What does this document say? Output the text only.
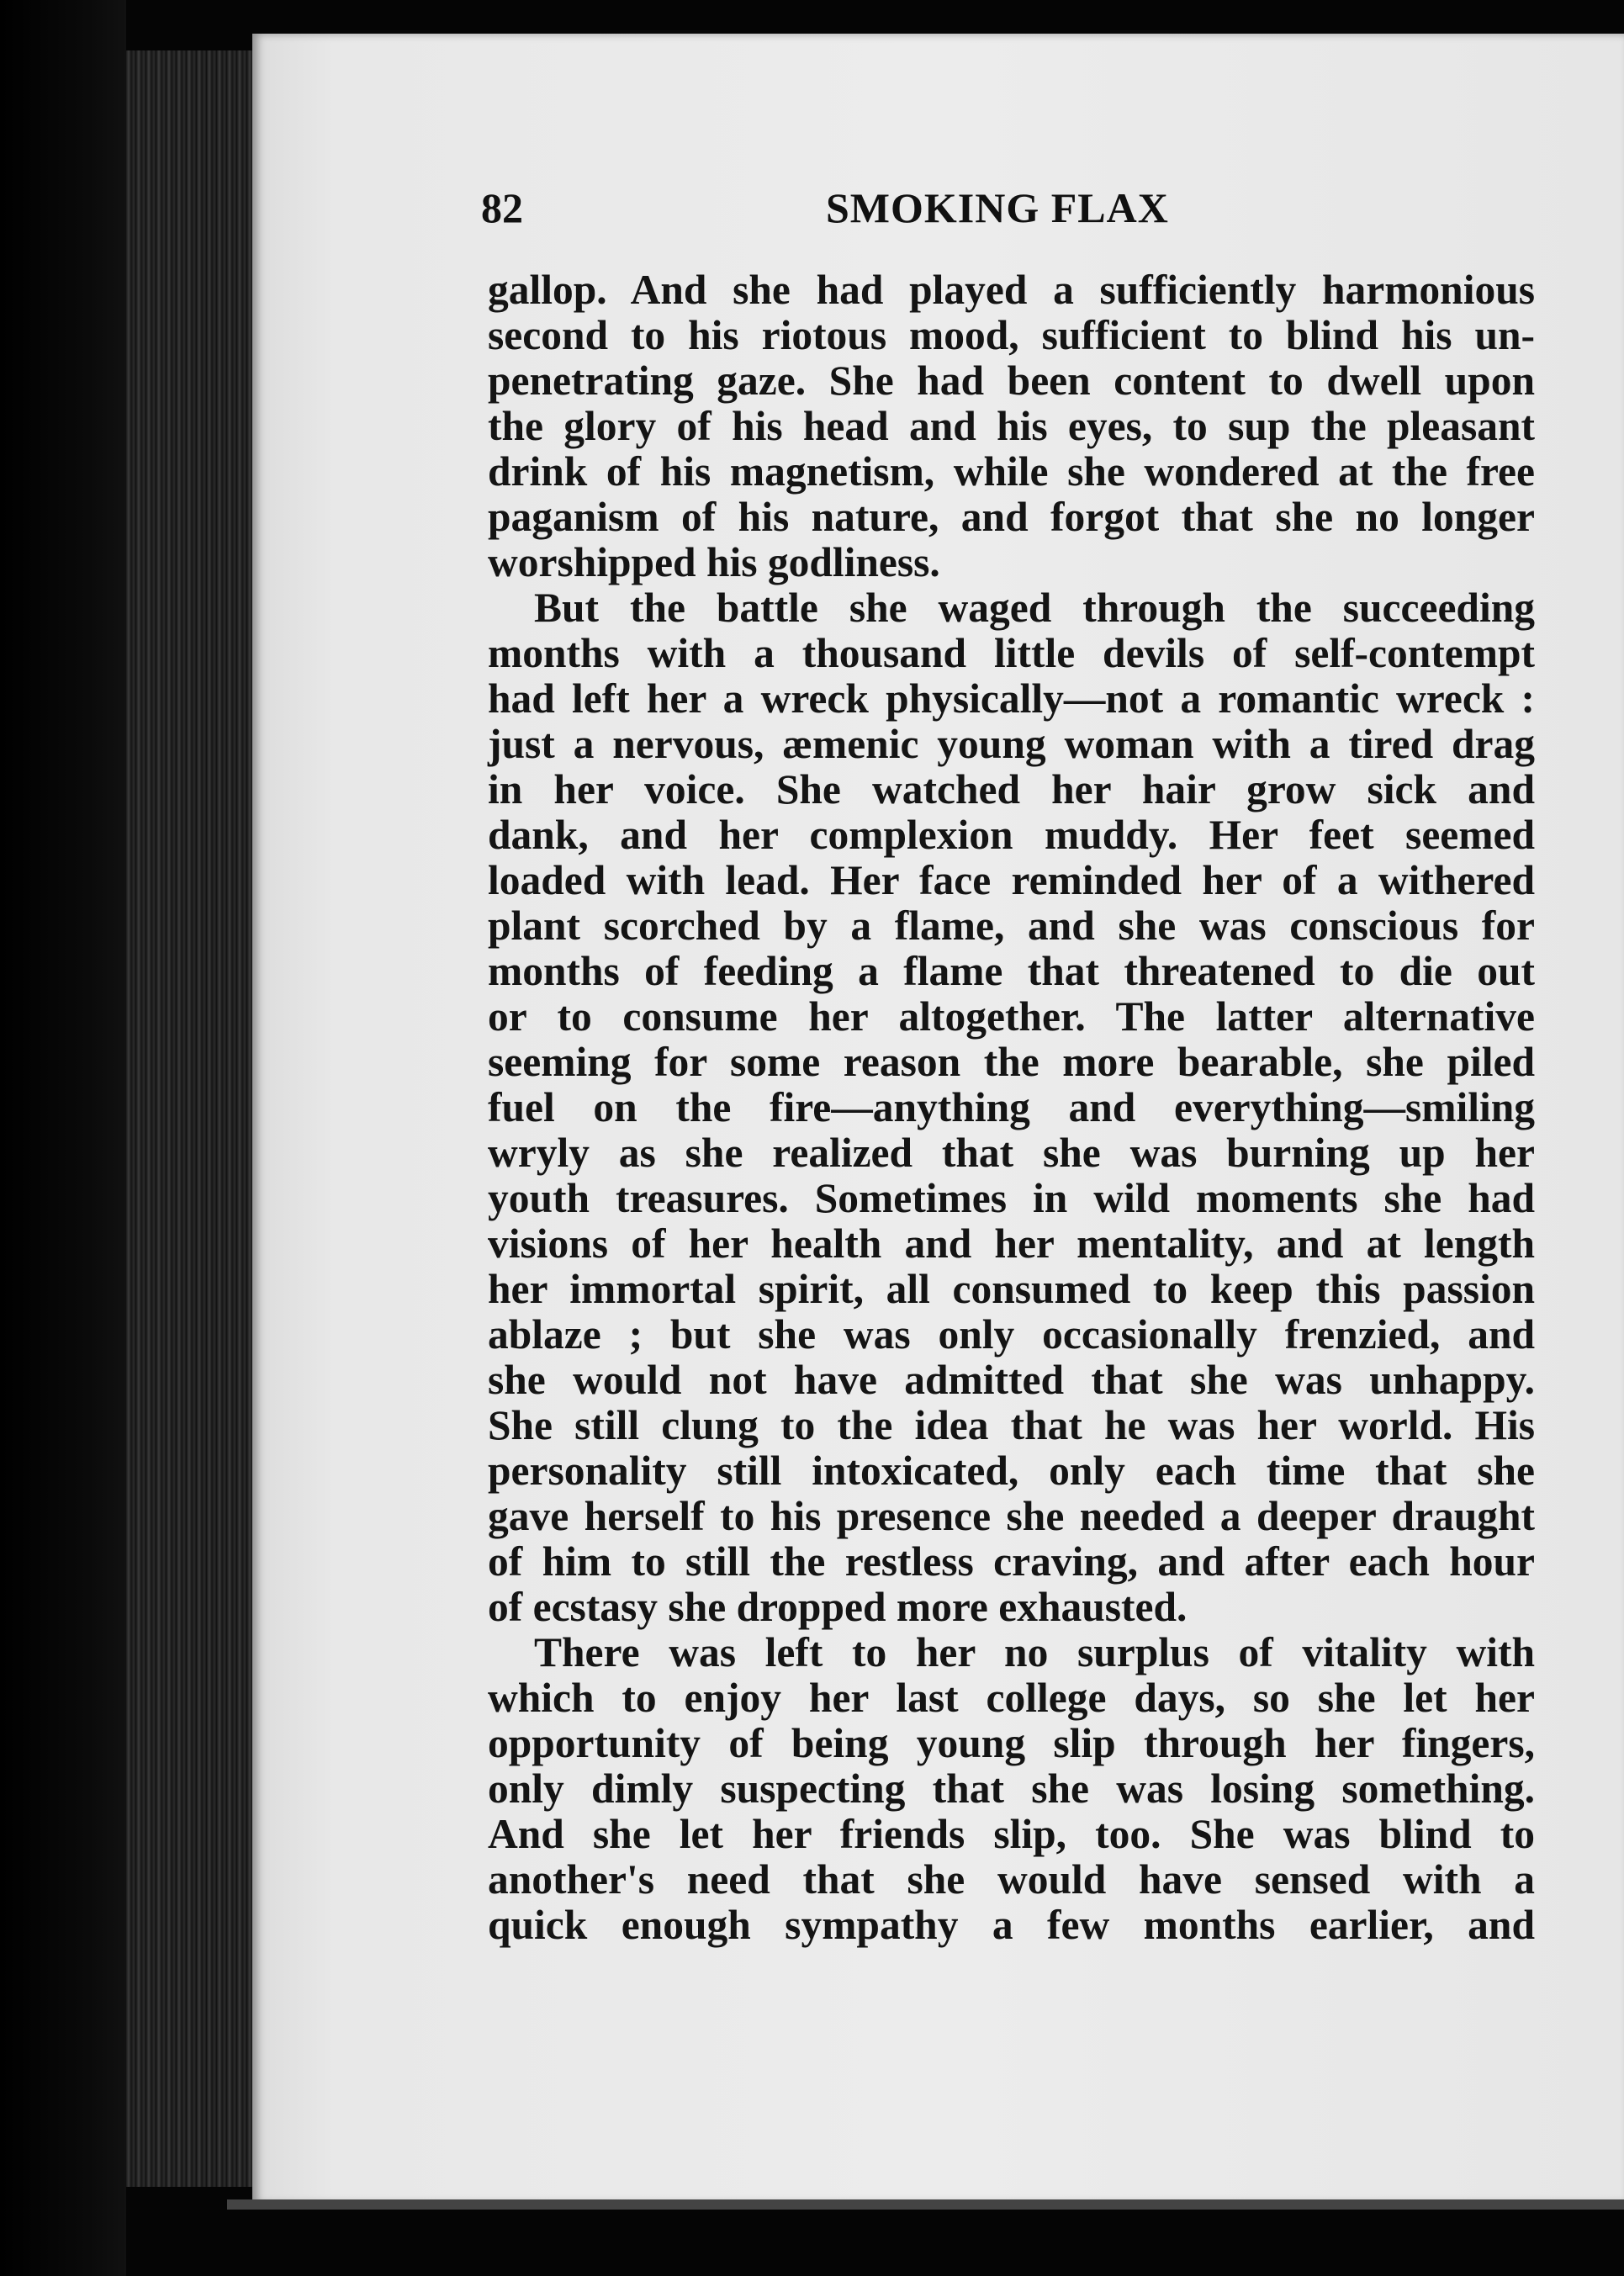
82	SMOKING FLAX
gallop. And she had played a sufficiently harmonious
second to his riotous mood, sufficient to blind his un-
penetrating gaze. She had been content to dwell upon
the glory of his head and his eyes, to sup the pleasant
drink of his magnetism, while she wondered at the free
paganism of his nature, and forgot that she no longer
worshipped his godliness.
But the battle she waged through the succeeding
months with a thousand little devils of self-contempt
had left her a wreck physically—not a romantic wreck :
just a nervous, æmenic young woman with a tired drag
in her voice. She watched her hair grow sick and
dank, and her complexion muddy. Her feet seemed
loaded with lead. Her face reminded her of a withered
plant scorched by a flame, and she was conscious for
months of feeding a flame that threatened to die out
or to consume her altogether. The latter alternative
seeming for some reason the more bearable, she piled
fuel on the fire—anything and everything—smiling
wryly as she realized that she was burning up her
youth treasures. Sometimes in wild moments she had
visions of her health and her mentality, and at length
her immortal spirit, all consumed to keep this passion
ablaze ; but she was only occasionally frenzied, and
she would not have admitted that she was unhappy.
She still clung to the idea that he was her world. His
personality still intoxicated, only each time that she
gave herself to his presence she needed a deeper draught
of him to still the restless craving, and after each hour
of ecstasy she dropped more exhausted.
There was left to her no surplus of vitality with
which to enjoy her last college days, so she let her
opportunity of being young slip through her fingers,
only dimly suspecting that she was losing something.
And she let her friends slip, too. She was blind to
another's need that she would have sensed with a
quick enough sympathy a few months earlier, and
